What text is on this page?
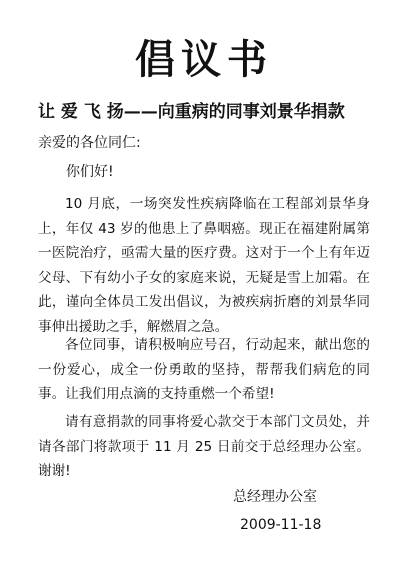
倡议书
让 爱 飞 扬——向重病的同事刘景华捐款
亲爱的各位同仁:
你们好!
10 月底，一场突发性疾病降临在工程部刘景华身上，年仅 43 岁的他患上了鼻咽癌。现正在福建附属第一医院治疗，亟需大量的医疗费。这对于一个上有年迈父母、下有幼小子女的家庭来说，无疑是雪上加霜。在此，谨向全体员工发出倡议，为被疾病折磨的刘景华同事伸出援助之手，解燃眉之急。
各位同事，请积极响应号召，行动起来，献出您的一份爱心，成全一份勇敢的坚持，帮帮我们病危的同事。让我们用点滴的支持重燃一个希望!
请有意捐款的同事将爱心款交于本部门文员处，并请各部门将款项于 11 月 25 日前交于总经理办公室。谢谢!
总经理办公室
2009-11-18
